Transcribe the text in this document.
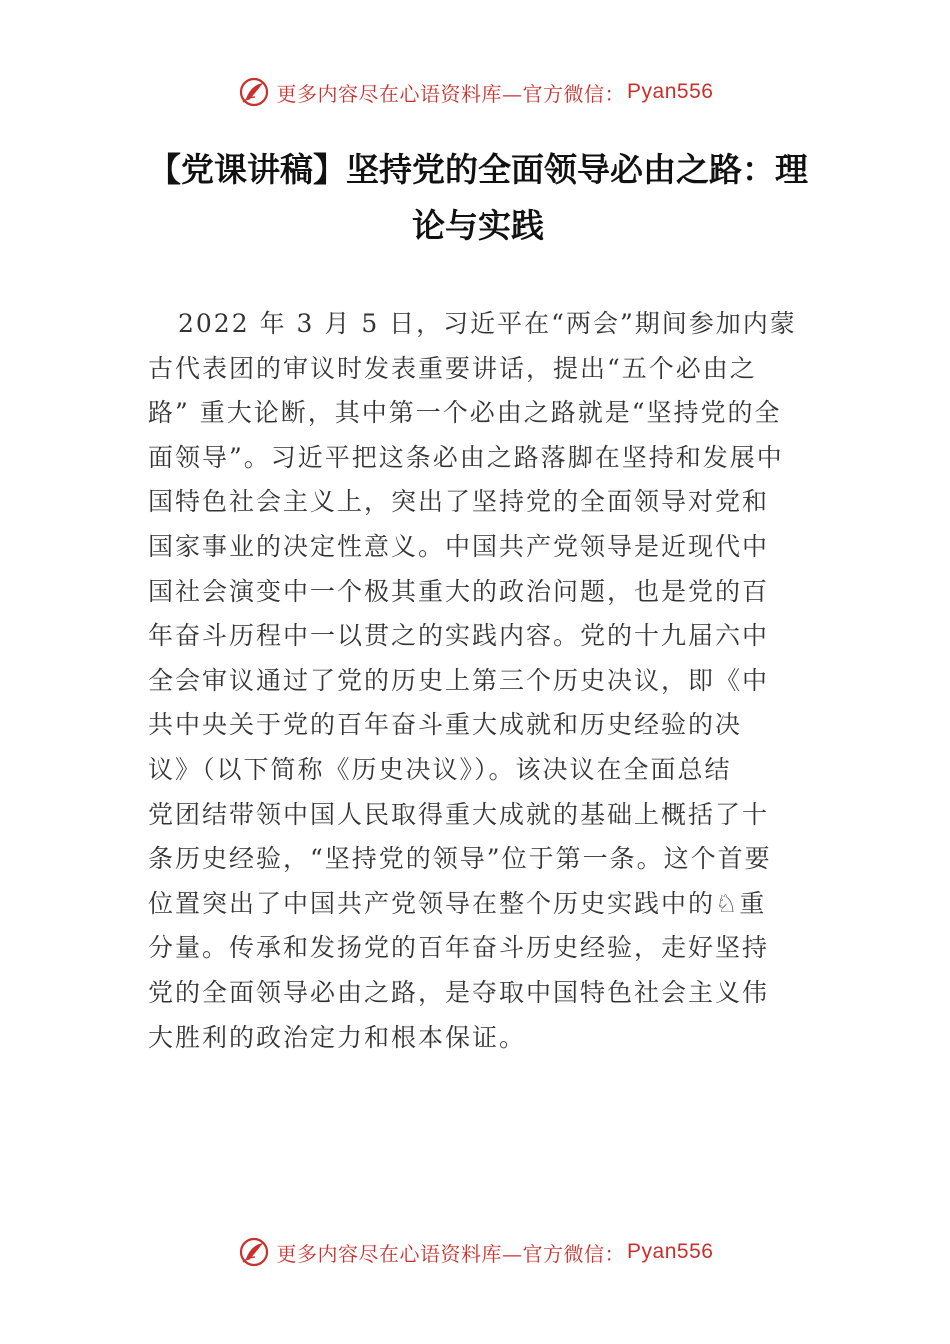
更多内容尽在心语资料库—官方微信： Pyan556
【党课讲稿】坚持党的全面领导必由之路：理
论与实践
2022 年 3 月 5 日，习近平在“两会”期间参加内蒙
古代表团的审议时发表重要讲话，提出“五个必由之
路” 重大论断，其中第一个必由之路就是“坚持党的全
面领导”。习近平把这条必由之路落脚在坚持和发展中
国特色社会主义上，突出了坚持党的全面领导对党和
国家事业的决定性意义。中国共产党领导是近现代中
国社会演变中一个极其重大的政治问题，也是党的百
年奋斗历程中一以贯之的实践内容。党的十九届六中
全会审议通过了党的历史上第三个历史决议，即《中
共中央关于党的百年奋斗重大成就和历史经验的决
议》（以下简称《历史决议》）。该决议在全面总结
党团结带领中国人民取得重大成就的基础上概括了十
条历史经验，“坚持党的领导”位于第一条。这个首要
位置突出了中国共产党领导在整个历史实践中的♘重
分量。传承和发扬党的百年奋斗历史经验，走好坚持
党的全面领导必由之路，是夺取中国特色社会主义伟
大胜利的政治定力和根本保证。
更多内容尽在心语资料库—官方微信： Pyan556
